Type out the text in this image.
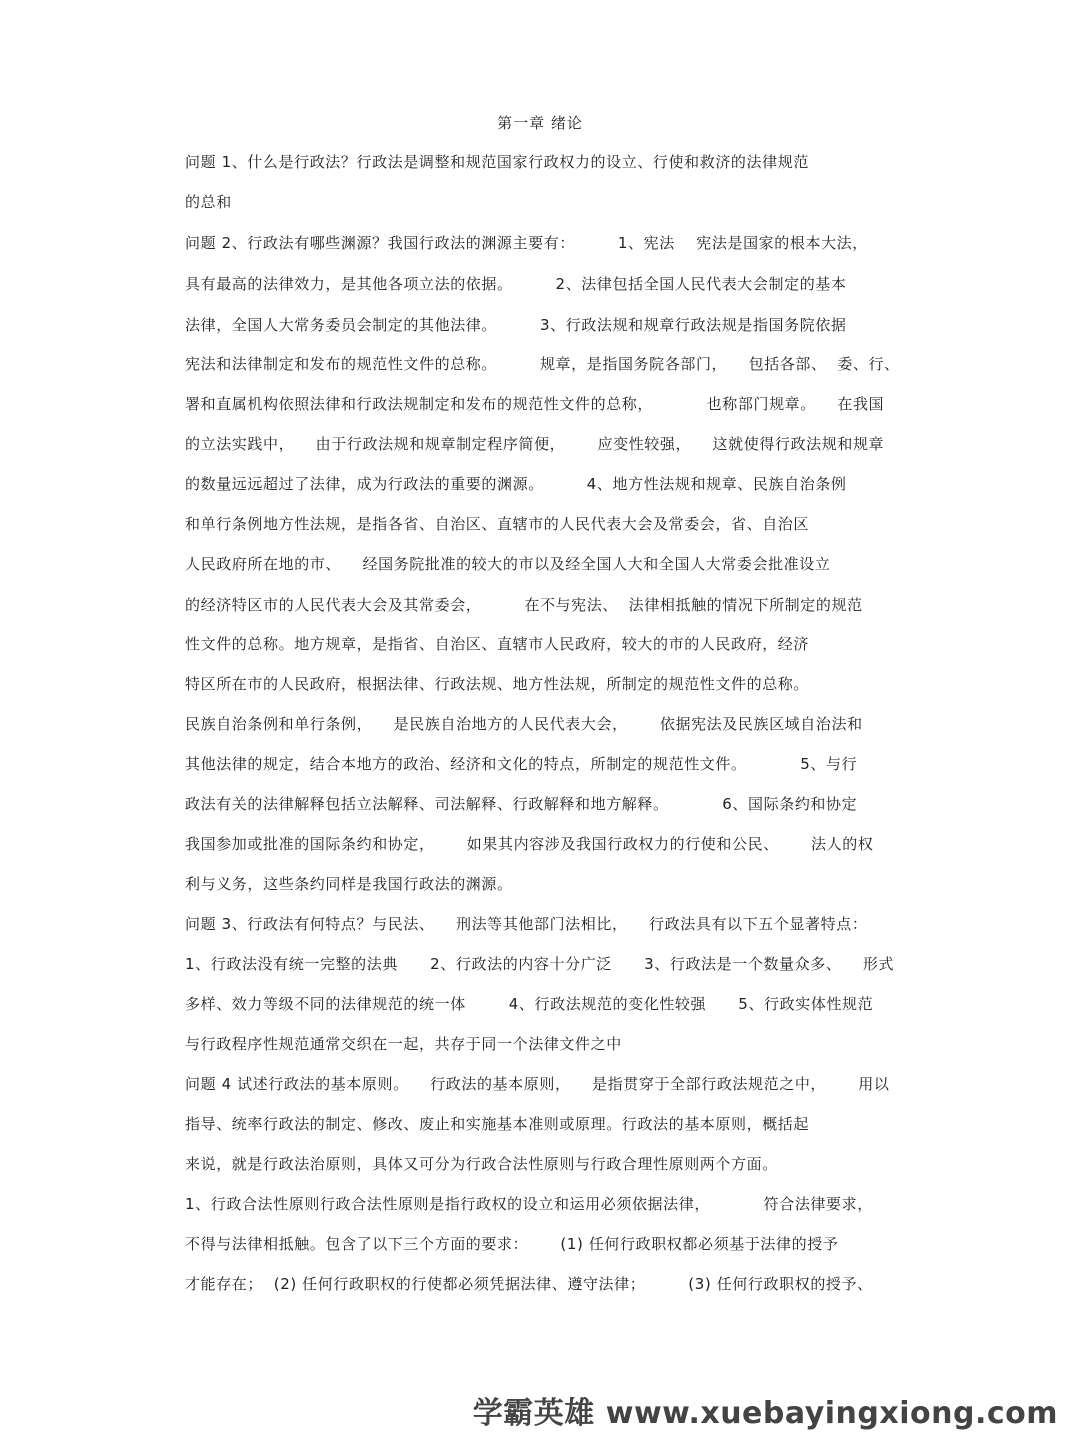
第一章 绪论
问题 1、什么是行政法？行政法是调整和规范国家行政权力的设立、行使和救济的法律规范
的总和
问题 2、行政法有哪些渊源？我国行政法的渊源主要有：        1、宪法    宪法是国家的根本大法，
具有最高的法律效力，是其他各项立法的依据。        2、法律包括全国人民代表大会制定的基本
法律，全国人大常务委员会制定的其他法律。        3、行政法规和规章行政法规是指国务院依据
宪法和法律制定和发布的规范性文件的总称。        规章，是指国务院各部门，    包括各部、  委、行、
署和直属机构依照法律和行政法规制定和发布的规范性文件的总称，          也称部门规章。    在我国
的立法实践中，    由于行政法规和规章制定程序简便，      应变性较强，    这就使得行政法规和规章
的数量远远超过了法律，成为行政法的重要的渊源。        4、地方性法规和规章、民族自治条例
和单行条例地方性法规，是指各省、自治区、直辖市的人民代表大会及常委会，省、自治区
人民政府所在地的市、    经国务院批准的较大的市以及经全国人大和全国人大常委会批准设立
的经济特区市的人民代表大会及其常委会，        在不与宪法、  法律相抵触的情况下所制定的规范
性文件的总称。地方规章，是指省、自治区、直辖市人民政府，较大的市的人民政府，经济
特区所在市的人民政府，根据法律、行政法规、地方性法规，所制定的规范性文件的总称。
民族自治条例和单行条例，    是民族自治地方的人民代表大会，      依据宪法及民族区域自治法和
其他法律的规定，结合本地方的政治、经济和文化的特点，所制定的规范性文件。          5、与行
政法有关的法律解释包括立法解释、司法解释、行政解释和地方解释。          6、国际条约和协定
我国参加或批准的国际条约和协定，      如果其内容涉及我国行政权力的行使和公民、      法人的权
利与义务，这些条约同样是我国行政法的渊源。
问题 3、行政法有何特点？与民法、    刑法等其他部门法相比，    行政法具有以下五个显著特点：
1、行政法没有统一完整的法典      2、行政法的内容十分广泛      3、行政法是一个数量众多、    形式
多样、效力等级不同的法律规范的统一体        4、行政法规范的变化性较强      5、行政实体性规范
与行政程序性规范通常交织在一起，共存于同一个法律文件之中
问题 4 试述行政法的基本原则。    行政法的基本原则，    是指贯穿于全部行政法规范之中，      用以
指导、统率行政法的制定、修改、废止和实施基本准则或原理。行政法的基本原则，概括起
来说，就是行政法治原则，具体又可分为行政合法性原则与行政合理性原则两个方面。
1、行政合法性原则行政合法性原则是指行政权的设立和运用必须依据法律，          符合法律要求，
不得与法律相抵触。包含了以下三个方面的要求：      (1) 任何行政职权都必须基于法律的授予
才能存在；  (2) 任何行政职权的行使都必须凭据法律、遵守法律；        (3) 任何行政职权的授予、
学霸英雄 www.xuebayingxiong.com
